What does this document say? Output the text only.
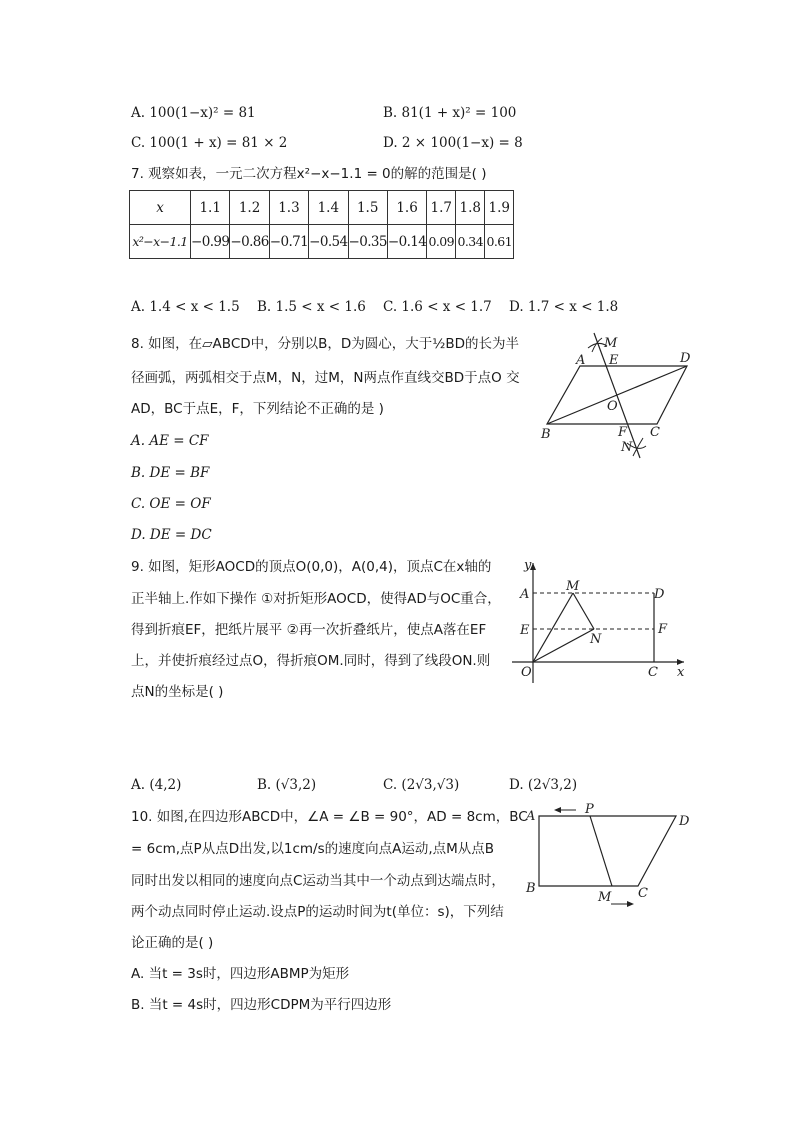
A. 100(1−x)² = 81	B. 81(1 + x)² = 100
C. 100(1 + x) = 81 × 2	D. 2 × 100(1−x) = 8
7. 观察如表，一元二次方程x²−x−1.1 = 0的解的范围是( )
x	1.1	1.2	1.3	1.4	1.5	1.6	1.7	1.8	1.9
x²−x−1.1	−0.99	−0.86	−0.71	−0.54	−0.35	−0.14	0.09	0.34	0.61
A. 1.4 < x < 1.5 B. 1.5 < x < 1.6 C. 1.6 < x < 1.7 D. 1.7 < x < 1.8
8. 如图，在▱ABCD中，分别以B，D为圆心，大于½BD的长为半
径画弧，两弧相交于点M，N，过M，N两点作直线交BD于点O 交
AD，BC于点E，F，下列结论不正确的是 )
A. AE = CF
B. DE = BF
C. OE = OF
D. DE = DC
M
A E	D
O
B	F C
N
9. 如图，矩形AOCD的顶点O(0,0)，A(0,4)，顶点C在x轴的
正半轴上.作如下操作 ①对折矩形AOCD，使得AD与OC重合，
得到折痕EF，把纸片展平 ②再一次折叠纸片，使点A落在EF
上，并使折痕经过点O，得折痕OM.同时，得到了线段ON.则
点N的坐标是( )
y
x
M
A	D
E	F
N
O	C
A. (4,2)	B. (√3,2)	C. (2√3,√3)	D. (2√3,2)
10. 如图,在四边形ABCD中，∠A = ∠B = 90°，AD = 8cm，BC
= 6cm,点P从点D出发,以1cm/s的速度向点A运动,点M从点B
同时出发以相同的速度向点C运动当其中一个动点到达端点时，
两个动点同时停止运动.设点P的运动时间为t(单位：s)，下列结
论正确的是( )
A. 当t = 3s时，四边形ABMP为矩形
B. 当t = 4s时，四边形CDPM为平行四边形
A	P
D
B
M C
